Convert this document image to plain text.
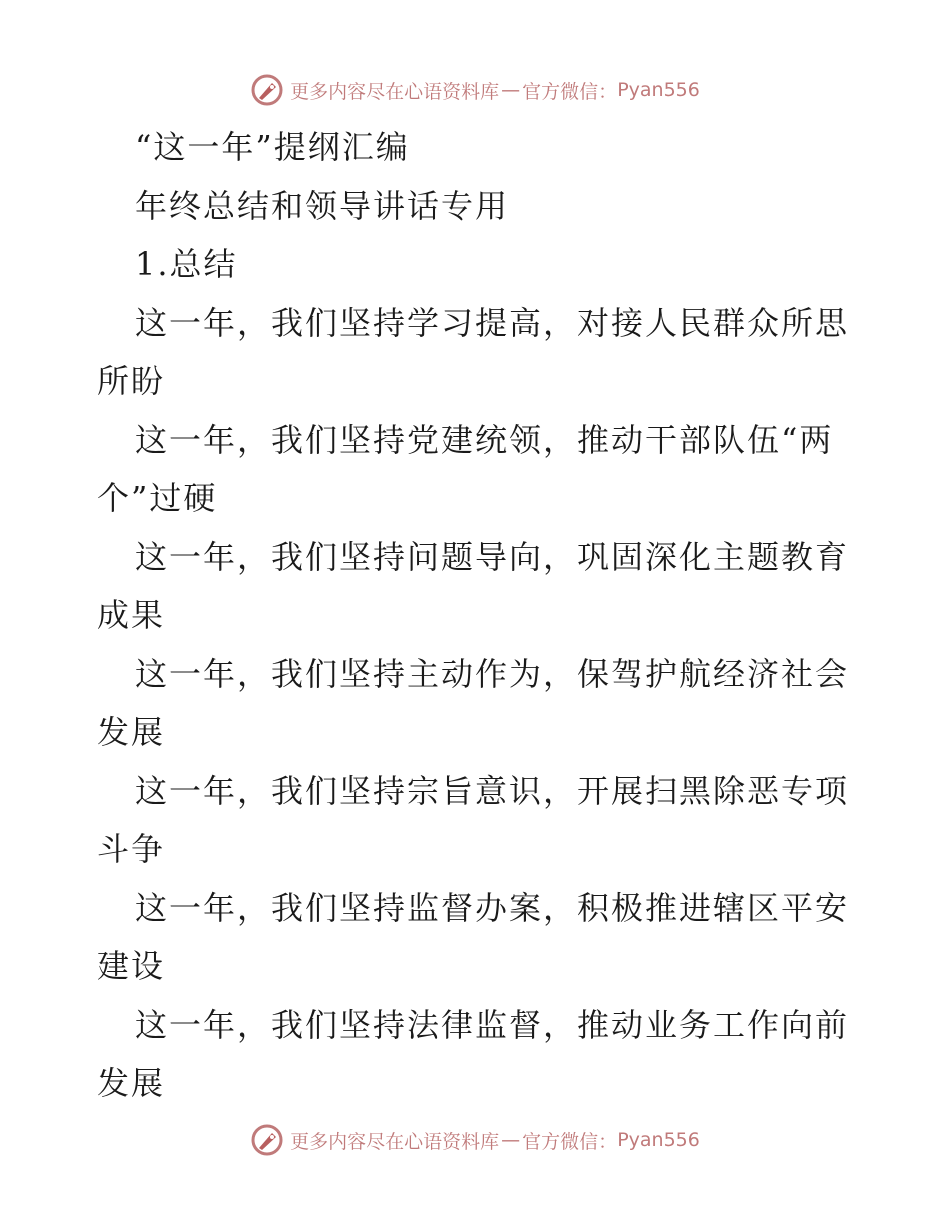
更多内容尽在心语资料库 — 官方微信： Pyan556

“这一年”提纲汇编

年终总结和领导讲话专用

1.总结

这一年，我们坚持学习提高，对接人民群众所思所盼

这一年，我们坚持党建统领，推动干部队伍“两个”过硬

这一年，我们坚持问题导向，巩固深化主题教育成果

这一年，我们坚持主动作为，保驾护航经济社会发展

这一年，我们坚持宗旨意识，开展扫黑除恶专项斗争

这一年，我们坚持监督办案，积极推进辖区平安建设

这一年，我们坚持法律监督，推动业务工作向前发展

更多内容尽在心语资料库 — 官方微信： Pyan556
